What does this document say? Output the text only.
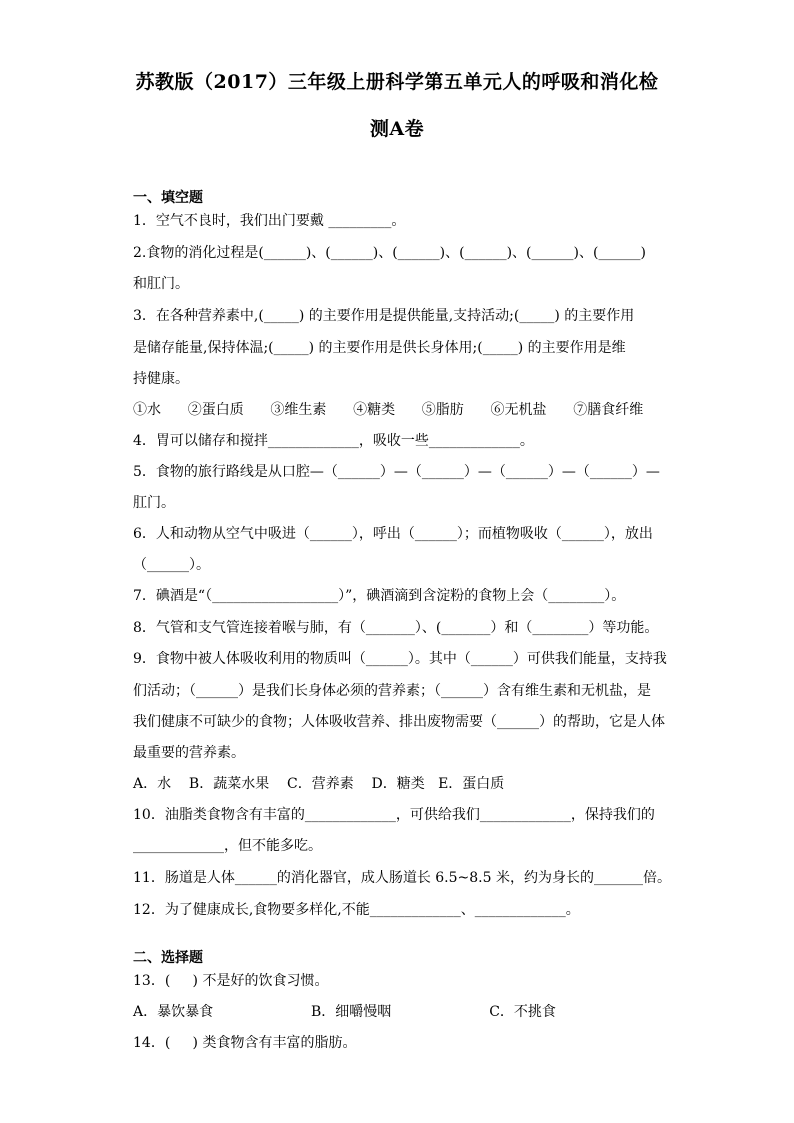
苏教版（2017）三年级上册科学第五单元人的呼吸和消化检
测A卷
一、填空题
1．空气不良时，我们出门要戴 _________。
2.食物的消化过程是(______)、(______)、(______)、(______)、(______)、(______)
和肛门。
3．在各种营养素中,(_____) 的主要作用是提供能量,支持活动;(_____) 的主要作用
是储存能量,保持体温;(_____) 的主要作用是供长身体用;(_____) 的主要作用是维
持健康。
①水      ②蛋白质      ③维生素      ④糖类      ⑤脂肪      ⑥无机盐      ⑦膳食纤维
4．胃可以储存和搅拌_____________，吸收一些_____________。
5．食物的旅行路线是从口腔—（______）—（______）—（______）—（______）—
肛门。
6．人和动物从空气中吸进（______），呼出（______）；而植物吸收（______），放出
（______）。
7．碘酒是“（__________________）”，碘酒滴到含淀粉的食物上会（________）。
8．气管和支气管连接着喉与肺，有（_______）、(_______）和（________）等功能。
9．食物中被人体吸收利用的物质叫（______）。其中（______）可供我们能量，支持我
们活动；（______）是我们长身体必须的营养素；（______）含有维生素和无机盐，是
我们健康不可缺少的食物；人体吸收营养、排出废物需要（______）的帮助，它是人体
最重要的营养素。
A．水    B．蔬菜水果    C．营养素    D．糖类   E．蛋白质
10．油脂类食物含有丰富的_____________，可供给我们_____________，保持我们的
_____________，但不能多吃。
11．肠道是人体______的消化器官，成人肠道长 6.5~8.5 米，约为身长的_______倍。
12．为了健康成长,食物要多样化,不能_____________、_____________。
二、选择题
13．(     ) 不是好的饮食习惯。
A．暴饮暴食                      B．细嚼慢咽                      C．不挑食
14．(     ) 类食物含有丰富的脂肪。
